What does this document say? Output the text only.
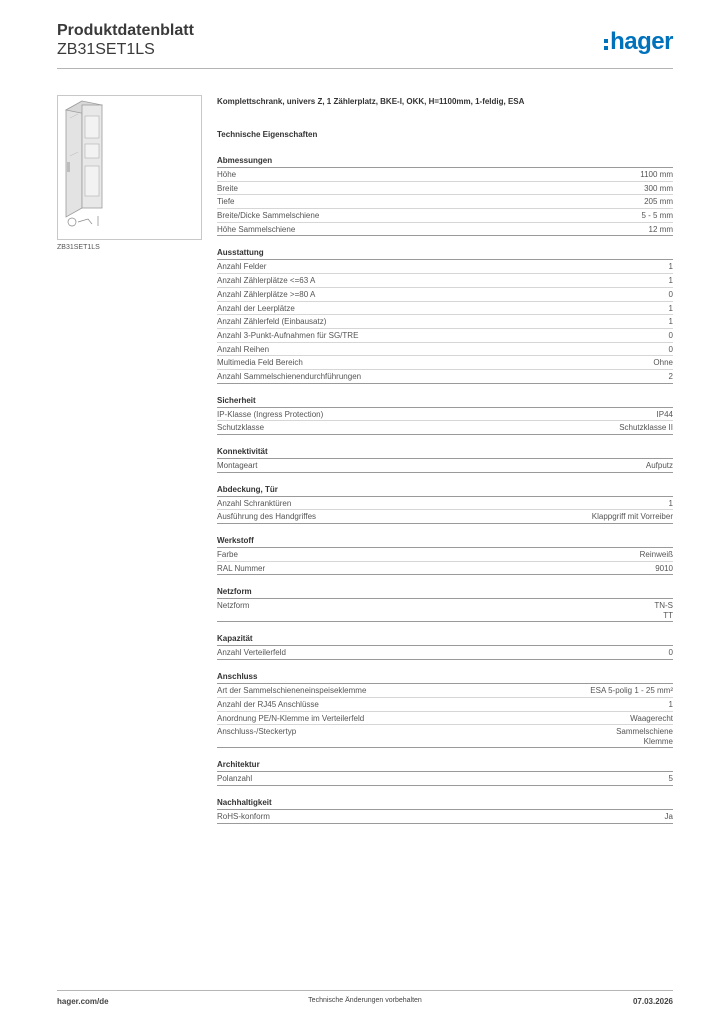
Produktdatenblatt
ZB31SET1LS	hager
ZB31SET1LS
Komplettschrank, univers Z, 1 Zählerplatz, BKE-I, OKK, H=1100mm, 1-feldig, ESA
Technische Eigenschaften
Abmessungen
Höhe	1100 mm
Breite	300 mm
Tiefe	205 mm
Breite/Dicke Sammelschiene	5 - 5 mm
Höhe Sammelschiene	12 mm
Ausstattung
Anzahl Felder	1
Anzahl Zählerplätze <=63 A	1
Anzahl Zählerplätze >=80 A	0
Anzahl der Leerplätze	1
Anzahl Zählerfeld (Einbausatz)	1
Anzahl 3-Punkt-Aufnahmen für SG/TRE	0
Anzahl Reihen	0
Multimedia Feld Bereich	Ohne
Anzahl Sammelschienendurchführungen	2
Sicherheit
IP-Klasse (Ingress Protection)	IP44
Schutzklasse	Schutzklasse II
Konnektivität
Montageart	Aufputz
Abdeckung, Tür
Anzahl Schranktüren	1
Ausführung des Handgriffes	Klappgriff mit Vorreiber
Werkstoff
Farbe	Reinweiß
RAL Nummer	9010
Netzform
Netzform	TN-S
TT
Kapazität
Anzahl Verteilerfeld	0
Anschluss
Art der Sammelschieneneinspeiseklemme	ESA 5-polig 1 - 25 mm²
Anzahl der RJ45 Anschlüsse	1
Anordnung PE/N-Klemme im Verteilerfeld	Waagerecht
Anschluss-/Steckertyp	Sammelschiene
Klemme
Architektur
Polanzahl	5
Nachhaltigkeit
RoHS-konform	Ja
hager.com/de	Technische Änderungen vorbehalten	07.03.2026
